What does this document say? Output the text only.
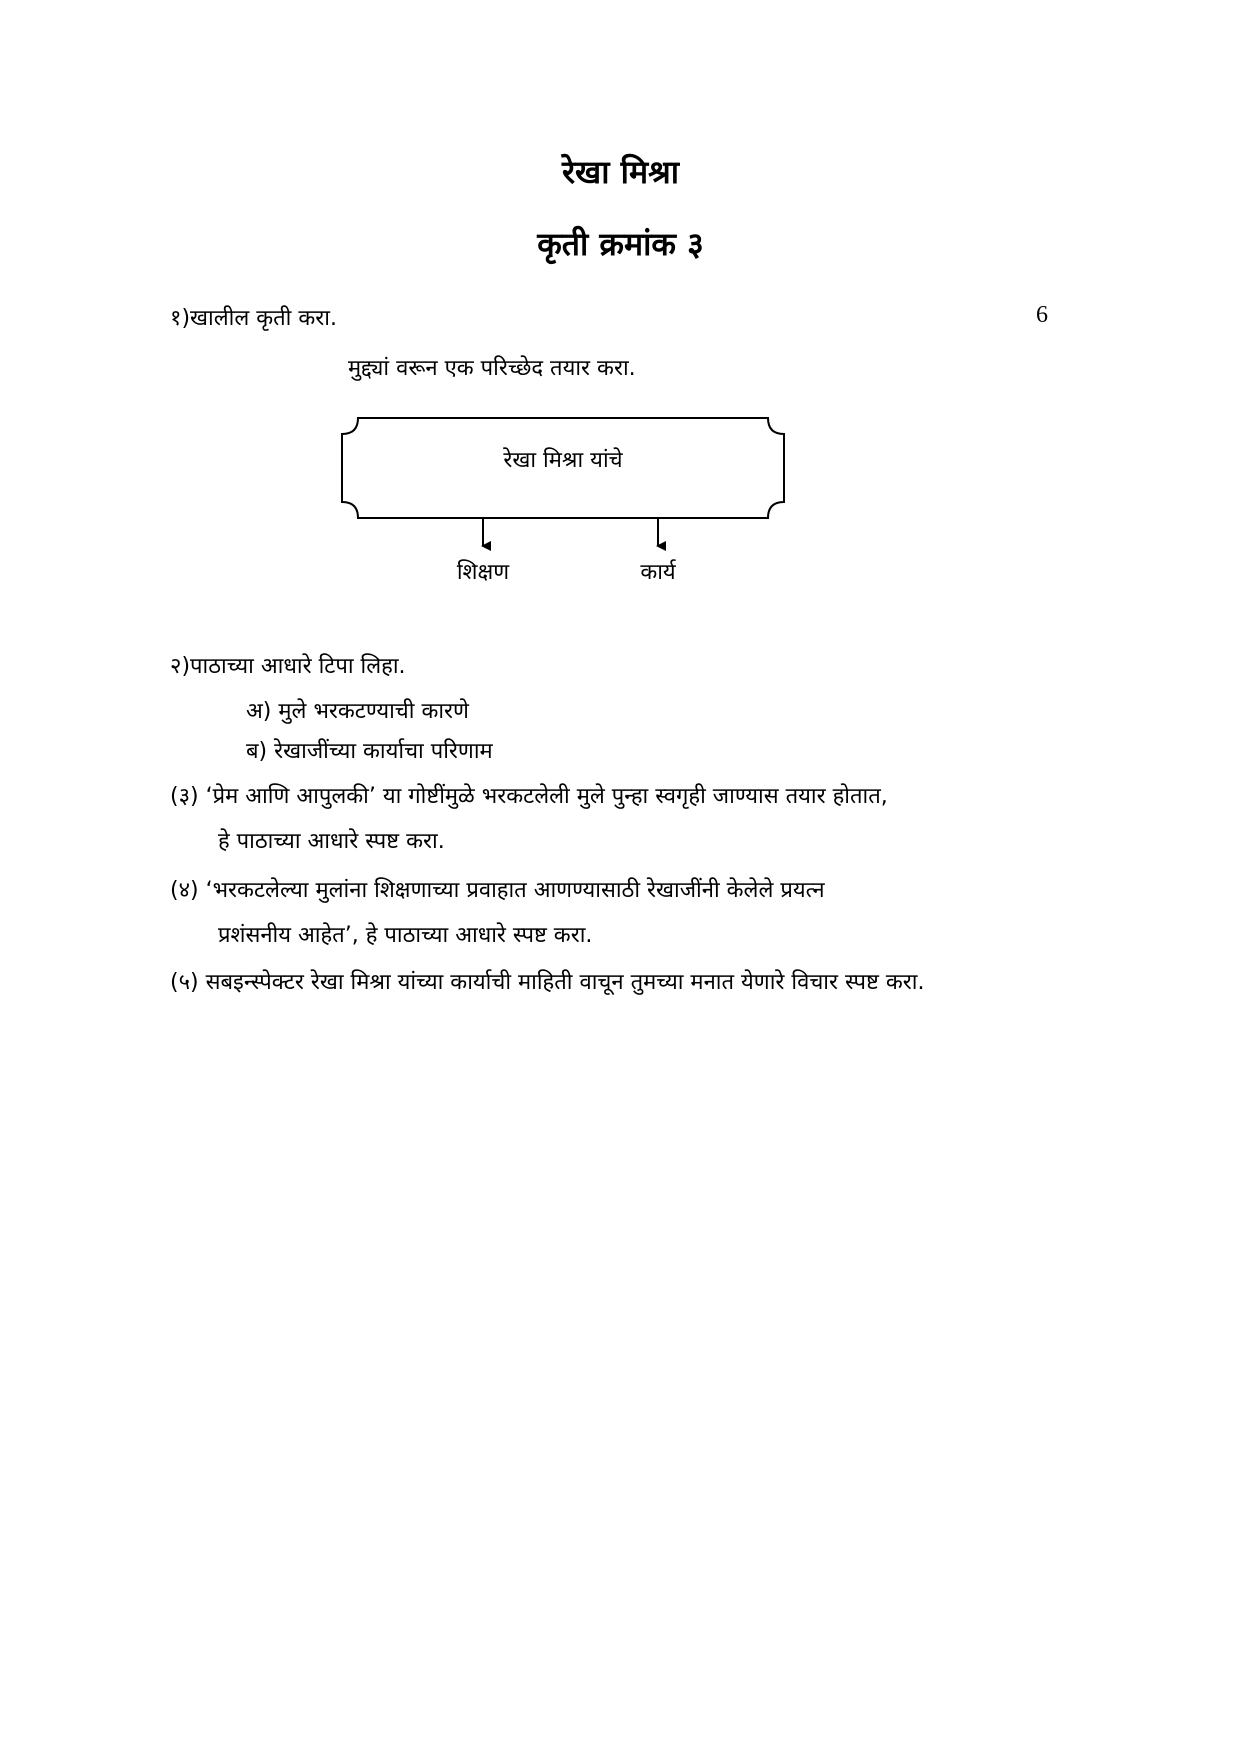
रेखा मिश्रा
कृती क्रमांक ३
१)खालील कृती करा.	6
मुद्द्यां वरून एक परिच्छेद तयार करा.
रेखा मिश्रा यांचे
शिक्षण	कार्य
२)पाठाच्या आधारे टिपा लिहा.
अ) मुले भरकटण्याची कारणे
ब) रेखाजींच्या कार्याचा परिणाम
(३) ‘प्रेम आणि आपुलकी’ या गोष्टींमुळे भरकटलेली मुले पुन्हा स्वगृही जाण्यास तयार होतात,
हे पाठाच्या आधारे स्पष्ट करा.
(४) ‘भरकटलेल्या मुलांना शिक्षणाच्या प्रवाहात आणण्यासाठी रेखाजींनी केलेले प्रयत्न
प्रशंसनीय आहेत’, हे पाठाच्या आधारे स्पष्ट करा.
(५) सबइन्स्पेक्टर रेखा मिश्रा यांच्या कार्याची माहिती वाचून तुमच्या मनात येणारे विचार स्पष्ट करा.
